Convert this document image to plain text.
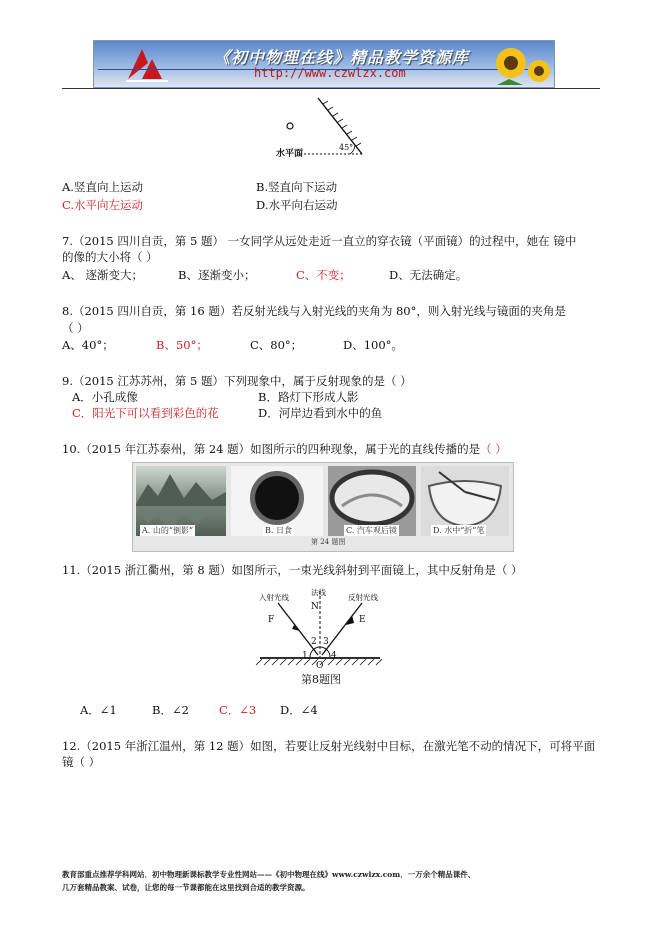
《初中物理在线》精品教学资源库
http://www.czwlzx.com
水平面
45°
A.竖直向上运动	B.竖直向下运动
C.水平向左运动	D.水平向右运动
7.（2015 四川自贡，第 5 题） 一女同学从远处走近一直立的穿衣镜（平面镜）的过程中，她在 镜中
的像的大小将（ ）
A、 逐渐变大；	B、逐渐变小；	C、不变；	D、无法确定。
8.（2015 四川自贡，第 16 题）若反射光线与入射光线的夹角为 80°，则入射光线与镜面的夹角是
（ ）
A、40°；	B、50°；	C、80°；	D、100°。
9.（2015 江苏苏州，第 5 题）下列现象中，属于反射现象的是（ ）
A．小孔成像	B．路灯下形成人影
C．阳光下可以看到彩色的花	D．河岸边看到水中的鱼
10.（2015 年江苏泰州，第 24 题）如图所示的四种现象，属于光的直线传播的是（ ）
A. 山的“倒影”	B. 日食	C. 汽车观后镜	D. 水中“折”笔
第 24 题图
11.（2015 浙江衢州，第 8 题）如图所示，一束光线斜射到平面镜上，其中反射角是（ ）
入射光线
法线
反射光线
F
N
E
1
2 3
4
O
第8题图
A．∠1	B．∠2	C．∠3 D．∠4
12.（2015 年浙江温州，第 12 题）如图，若要让反射光线射中目标，在激光笔不动的情况下，可将平面
镜（ ）
教育部重点推荐学科网站．初中物理新课标教学专业性网站——《初中物理在线》www.czwlzx.com．一万余个精品课件、
几万套精品教案、试卷，让您的每一节课都能在这里找到合适的教学资源。
